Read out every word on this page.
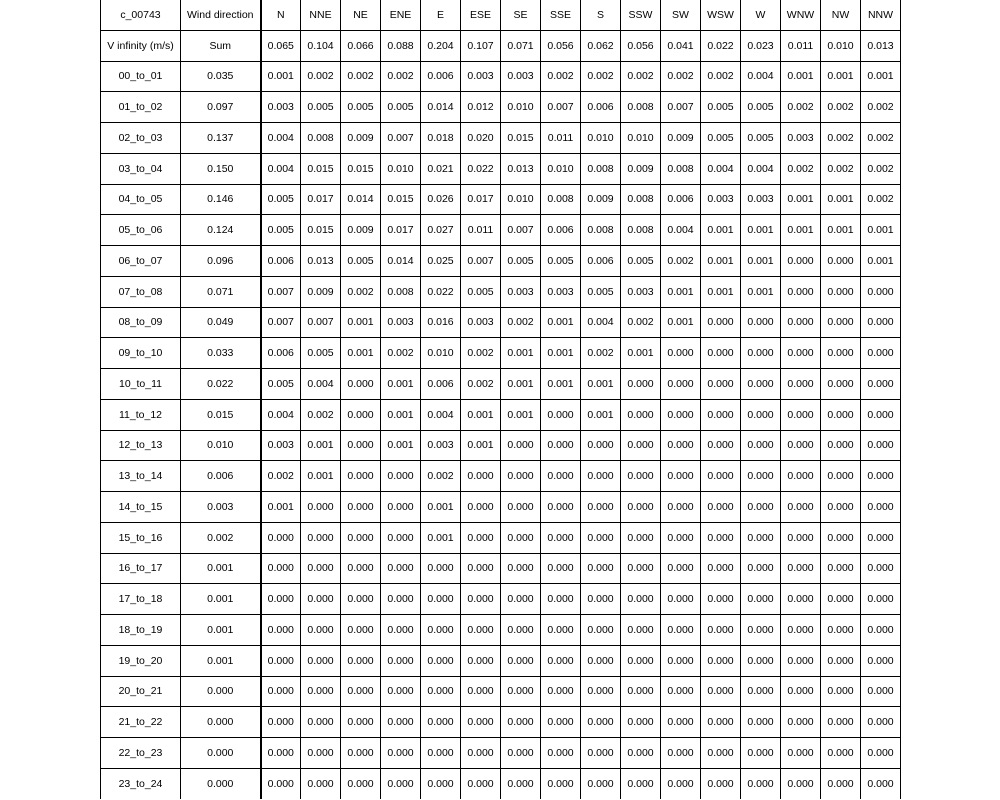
c_00743	Wind direction	N	NNE	NE	ENE	E	ESE	SE	SSE	S	SSW	SW	WSW	W	WNW	NW	NNW
V infinity (m/s)	Sum	0.065	0.104	0.066	0.088	0.204	0.107	0.071	0.056	0.062	0.056	0.041	0.022	0.023	0.011	0.010	0.013
00_to_01	0.035	0.001	0.002	0.002	0.002	0.006	0.003	0.003	0.002	0.002	0.002	0.002	0.002	0.004	0.001	0.001	0.001
01_to_02	0.097	0.003	0.005	0.005	0.005	0.014	0.012	0.010	0.007	0.006	0.008	0.007	0.005	0.005	0.002	0.002	0.002
02_to_03	0.137	0.004	0.008	0.009	0.007	0.018	0.020	0.015	0.011	0.010	0.010	0.009	0.005	0.005	0.003	0.002	0.002
03_to_04	0.150	0.004	0.015	0.015	0.010	0.021	0.022	0.013	0.010	0.008	0.009	0.008	0.004	0.004	0.002	0.002	0.002
04_to_05	0.146	0.005	0.017	0.014	0.015	0.026	0.017	0.010	0.008	0.009	0.008	0.006	0.003	0.003	0.001	0.001	0.002
05_to_06	0.124	0.005	0.015	0.009	0.017	0.027	0.011	0.007	0.006	0.008	0.008	0.004	0.001	0.001	0.001	0.001	0.001
06_to_07	0.096	0.006	0.013	0.005	0.014	0.025	0.007	0.005	0.005	0.006	0.005	0.002	0.001	0.001	0.000	0.000	0.001
07_to_08	0.071	0.007	0.009	0.002	0.008	0.022	0.005	0.003	0.003	0.005	0.003	0.001	0.001	0.001	0.000	0.000	0.000
08_to_09	0.049	0.007	0.007	0.001	0.003	0.016	0.003	0.002	0.001	0.004	0.002	0.001	0.000	0.000	0.000	0.000	0.000
09_to_10	0.033	0.006	0.005	0.001	0.002	0.010	0.002	0.001	0.001	0.002	0.001	0.000	0.000	0.000	0.000	0.000	0.000
10_to_11	0.022	0.005	0.004	0.000	0.001	0.006	0.002	0.001	0.001	0.001	0.000	0.000	0.000	0.000	0.000	0.000	0.000
11_to_12	0.015	0.004	0.002	0.000	0.001	0.004	0.001	0.001	0.000	0.001	0.000	0.000	0.000	0.000	0.000	0.000	0.000
12_to_13	0.010	0.003	0.001	0.000	0.001	0.003	0.001	0.000	0.000	0.000	0.000	0.000	0.000	0.000	0.000	0.000	0.000
13_to_14	0.006	0.002	0.001	0.000	0.000	0.002	0.000	0.000	0.000	0.000	0.000	0.000	0.000	0.000	0.000	0.000	0.000
14_to_15	0.003	0.001	0.000	0.000	0.000	0.001	0.000	0.000	0.000	0.000	0.000	0.000	0.000	0.000	0.000	0.000	0.000
15_to_16	0.002	0.000	0.000	0.000	0.000	0.001	0.000	0.000	0.000	0.000	0.000	0.000	0.000	0.000	0.000	0.000	0.000
16_to_17	0.001	0.000	0.000	0.000	0.000	0.000	0.000	0.000	0.000	0.000	0.000	0.000	0.000	0.000	0.000	0.000	0.000
17_to_18	0.001	0.000	0.000	0.000	0.000	0.000	0.000	0.000	0.000	0.000	0.000	0.000	0.000	0.000	0.000	0.000	0.000
18_to_19	0.001	0.000	0.000	0.000	0.000	0.000	0.000	0.000	0.000	0.000	0.000	0.000	0.000	0.000	0.000	0.000	0.000
19_to_20	0.001	0.000	0.000	0.000	0.000	0.000	0.000	0.000	0.000	0.000	0.000	0.000	0.000	0.000	0.000	0.000	0.000
20_to_21	0.000	0.000	0.000	0.000	0.000	0.000	0.000	0.000	0.000	0.000	0.000	0.000	0.000	0.000	0.000	0.000	0.000
21_to_22	0.000	0.000	0.000	0.000	0.000	0.000	0.000	0.000	0.000	0.000	0.000	0.000	0.000	0.000	0.000	0.000	0.000
22_to_23	0.000	0.000	0.000	0.000	0.000	0.000	0.000	0.000	0.000	0.000	0.000	0.000	0.000	0.000	0.000	0.000	0.000
23_to_24	0.000	0.000	0.000	0.000	0.000	0.000	0.000	0.000	0.000	0.000	0.000	0.000	0.000	0.000	0.000	0.000	0.000
